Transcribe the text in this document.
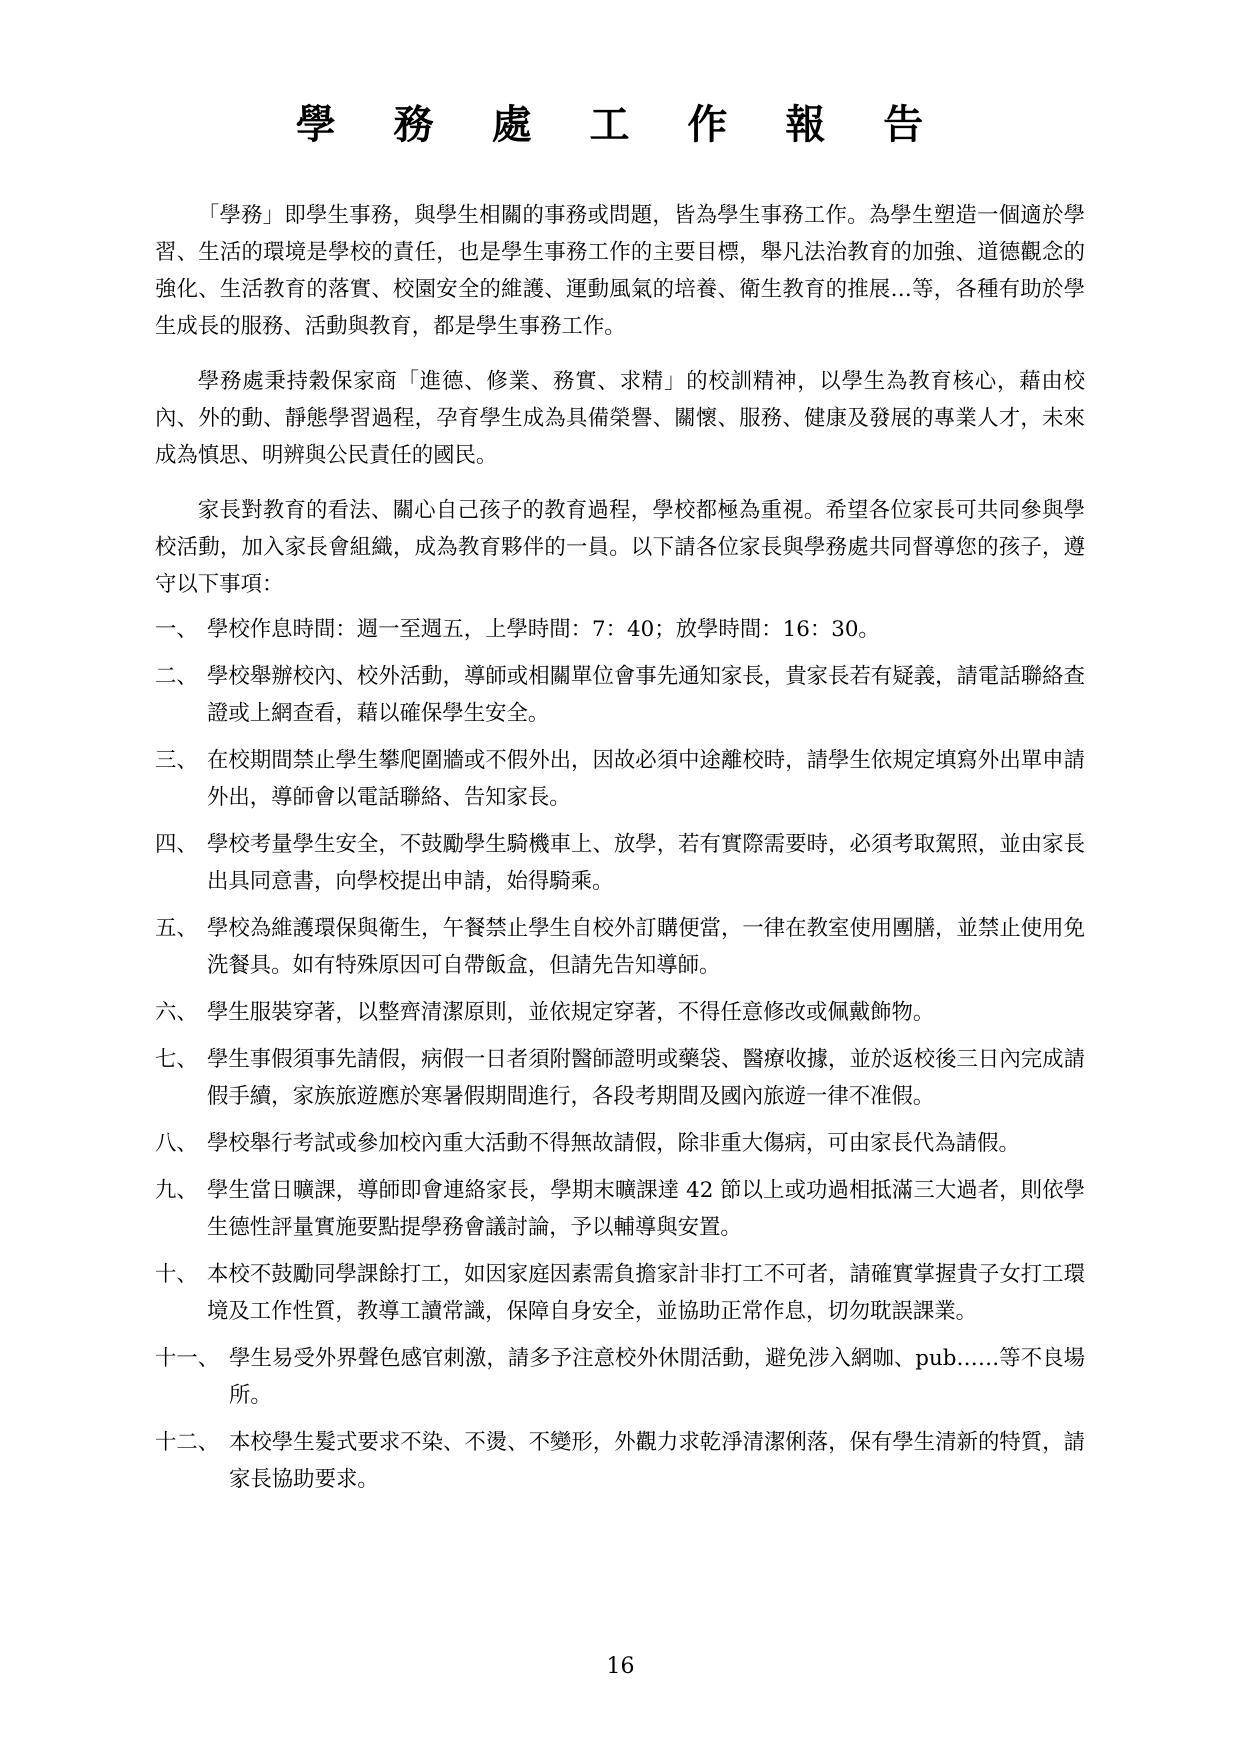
學 務 處 工 作 報 告

「學務」即學生事務，與學生相關的事務或問題，皆為學生事務工作。為學生塑造一個適於學習、生活的環境是學校的責任，也是學生事務工作的主要目標，舉凡法治教育的加強、道德觀念的強化、生活教育的落實、校園安全的維護、運動風氣的培養、衛生教育的推展…等，各種有助於學生成長的服務、活動與教育，都是學生事務工作。

學務處秉持穀保家商「進德、修業、務實、求精」的校訓精神，以學生為教育核心，藉由校內、外的動、靜態學習過程，孕育學生成為具備榮譽、關懷、服務、健康及發展的專業人才，未來成為慎思、明辨與公民責任的國民。

家長對教育的看法、關心自己孩子的教育過程，學校都極為重視。希望各位家長可共同參與學校活動，加入家長會組織，成為教育夥伴的一員。以下請各位家長與學務處共同督導您的孩子，遵守以下事項：

一、 學校作息時間：週一至週五，上學時間：7：40；放學時間：16：30。
二、 學校舉辦校內、校外活動，導師或相關單位會事先通知家長，貴家長若有疑義，請電話聯絡查證或上網查看，藉以確保學生安全。
三、 在校期間禁止學生攀爬圍牆或不假外出，因故必須中途離校時，請學生依規定填寫外出單申請外出，導師會以電話聯絡、告知家長。
四、 學校考量學生安全，不鼓勵學生騎機車上、放學，若有實際需要時，必須考取駕照，並由家長出具同意書，向學校提出申請，始得騎乘。
五、 學校為維護環保與衛生，午餐禁止學生自校外訂購便當，一律在教室使用團膳，並禁止使用免洗餐具。如有特殊原因可自帶飯盒，但請先告知導師。
六、 學生服裝穿著，以整齊清潔原則，並依規定穿著，不得任意修改或佩戴飾物。
七、 學生事假須事先請假，病假一日者須附醫師證明或藥袋、醫療收據，並於返校後三日內完成請假手續，家族旅遊應於寒暑假期間進行，各段考期間及國內旅遊一律不准假。
八、 學校舉行考試或參加校內重大活動不得無故請假，除非重大傷病，可由家長代為請假。
九、 學生當日曠課，導師即會連絡家長，學期末曠課達 42 節以上或功過相抵滿三大過者，則依學生德性評量實施要點提學務會議討論，予以輔導與安置。
十、 本校不鼓勵同學課餘打工，如因家庭因素需負擔家計非打工不可者，請確實掌握貴子女打工環境及工作性質，教導工讀常識，保障自身安全，並協助正常作息，切勿耽誤課業。
十一、 學生易受外界聲色感官刺激，請多予注意校外休閒活動，避免涉入網咖、pub……等不良場所。
十二、 本校學生髮式要求不染、不燙、不變形，外觀力求乾淨清潔俐落，保有學生清新的特質，請家長協助要求。
16
